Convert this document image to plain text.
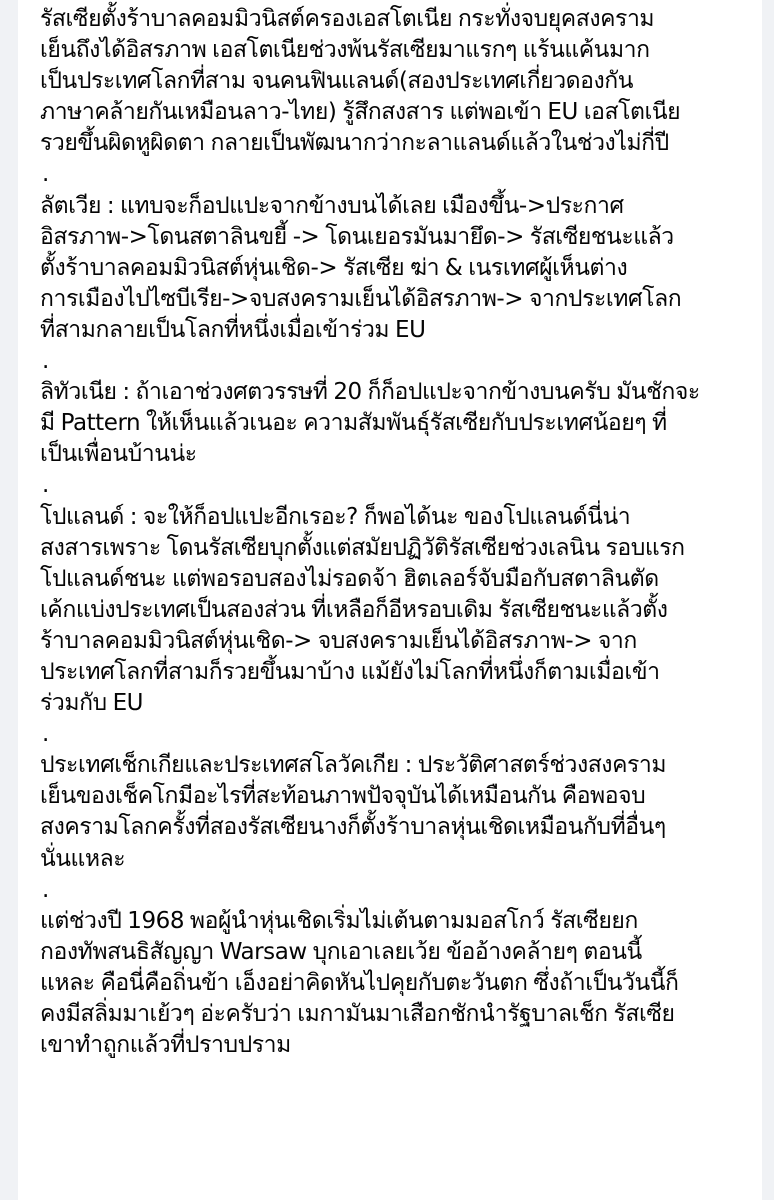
รัสเซียตั้งร้าบาลคอมมิวนิสต์ครองเอสโตเนีย กระทั่งจบยุคสงคราม
เย็นถึงได้อิสรภาพ เอสโตเนียช่วงพ้นรัสเซียมาแรกๆ แร้นแค้นมาก
เป็นประเทศโลกที่สาม จนคนฟินแลนด์(สองประเทศเกี่ยวดองกัน
ภาษาคล้ายกันเหมือนลาว-ไทย) รู้สึกสงสาร แต่พอเข้า EU เอสโตเนีย
รวยขึ้นผิดหูผิดตา กลายเป็นพัฒนากว่ากะลาแลนด์แล้วในช่วงไม่กี่ปี
.
ลัตเวีย : แทบจะก็อปแปะจากข้างบนได้เลย เมืองขึ้น->ประกาศ
อิสรภาพ->โดนสตาลินขยี้ -> โดนเยอรมันมายึด-> รัสเซียชนะแล้ว
ตั้งร้าบาลคอมมิวนิสต์หุ่นเชิด-> รัสเซีย ฆ่า & เนรเทศผู้เห็นต่าง
การเมืองไปไซบีเรีย->จบสงครามเย็นได้อิสรภาพ-> จากประเทศโลก
ที่สามกลายเป็นโลกที่หนึ่งเมื่อเข้าร่วม EU
.
ลิทัวเนีย : ถ้าเอาช่วงศตวรรษที่ 20 ก็ก็อปแปะจากข้างบนครับ มันชักจะ
มี Pattern ให้เห็นแล้วเนอะ ความสัมพันธุ์รัสเซียกับประเทศน้อยๆ ที่
เป็นเพื่อนบ้านน่ะ
.
โปแลนด์ : จะให้ก็อปแปะอีกเรอะ? ก็พอได้นะ ของโปแลนด์นี่น่า
สงสารเพราะ โดนรัสเซียบุกตั้งแต่สมัยปฏิวัติรัสเซียช่วงเลนิน รอบแรก
โปแลนด์ชนะ แต่พอรอบสองไม่รอดจ้า ฮิตเลอร์จับมือกับสตาลินตัด
เค้กแบ่งประเทศเป็นสองส่วน ที่เหลือก็อีหรอบเดิม รัสเซียชนะแล้วตั้ง
ร้าบาลคอมมิวนิสต์หุ่นเชิด-> จบสงครามเย็นได้อิสรภาพ-> จาก
ประเทศโลกที่สามก็รวยขึ้นมาบ้าง แม้ยังไม่โลกที่หนึ่งก็ตามเมื่อเข้า
ร่วมกับ EU
.
ประเทศเช็กเกียและประเทศสโลวัคเกีย : ประวัติศาสตร์ช่วงสงคราม
เย็นของเช็คโกมีอะไรที่สะท้อนภาพปัจจุบันได้เหมือนกัน คือพอจบ
สงครามโลกครั้งที่สองรัสเซียนางก็ตั้งร้าบาลหุ่นเชิดเหมือนกับที่อื่นๆ
นั่นแหละ
.
แต่ช่วงปี 1968 พอผู้นำหุ่นเชิดเริ่มไม่เต้นตามมอสโกว์ รัสเซียยก
กองทัพสนธิสัญญา Warsaw บุกเอาเลยเว้ย ข้ออ้างคล้ายๆ ตอนนี้
แหละ คือนี่คือถิ่นข้า เอ็งอย่าคิดหันไปคุยกับตะวันตก ซึ่งถ้าเป็นวันนี้ก็
คงมีสลิ่มมาเย้วๆ อ่ะครับว่า เมกามันมาเสือกชักนำรัฐบาลเช็ก รัสเซีย
เขาทำถูกแล้วที่ปราบปราม
